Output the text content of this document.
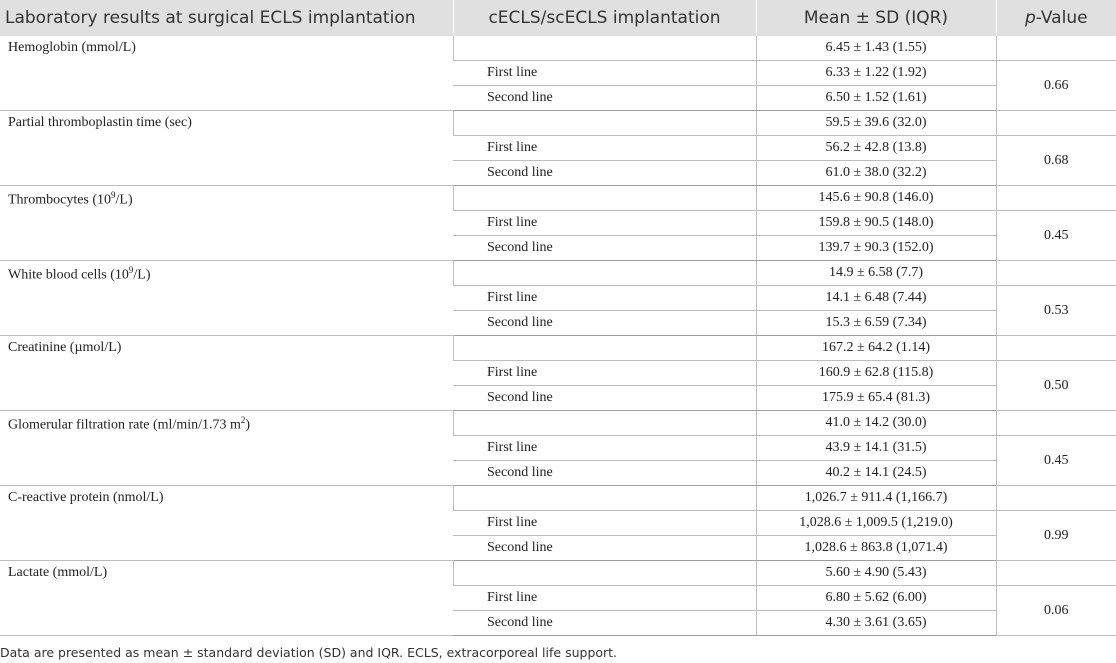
Laboratory results at surgical ECLS implantation	cECLS/scECLS implantation	Mean ± SD (IQR)	p-Value
Hemoglobin (mmol/L)		6.45 ± 1.43 (1.55)	
	First line	6.33 ± 1.22 (1.92)	0.66
	Second line	6.50 ± 1.52 (1.61)	
Partial thromboplastin time (sec)		59.5 ± 39.6 (32.0)	
	First line	56.2 ± 42.8 (13.8)	0.68
	Second line	61.0 ± 38.0 (32.2)	
Thrombocytes $(10^9/L)$		145.6 ± 90.8 (146.0)	
	First line	159.8 ± 90.5 (148.0)	0.45
	Second line	139.7 ± 90.3 (152.0)	
White blood cells $(10^9/L)$		14.9 ± 6.58 (7.7)	
	First line	14.1 ± 6.48 (7.44)	0.53
	Second line	15.3 ± 6.59 (7.34)	
Creatinine (µmol/L)		167.2 ± 64.2 (1.14)	
	First line	160.9 ± 62.8 (115.8)	0.50
	Second line	175.9 ± 65.4 (81.3)	
Glomerular filtration rate (ml/min/1.73 $m^2$)		41.0 ± 14.2 (30.0)	
	First line	43.9 ± 14.1 (31.5)	0.45
	Second line	40.2 ± 14.1 (24.5)	
C-reactive protein (nmol/L)		1,026.7 ± 911.4 (1,166.7)	
	First line	1,028.6 ± 1,009.5 (1,219.0)	0.99
	Second line	1,028.6 ± 863.8 (1,071.4)	
Lactate (mmol/L)		5.60 ± 4.90 (5.43)	
	First line	6.80 ± 5.62 (6.00)	0.06
	Second line	4.30 ± 3.61 (3.65)	
Data are presented as mean ± standard deviation (SD) and IQR. ECLS, extracorporeal life support.
